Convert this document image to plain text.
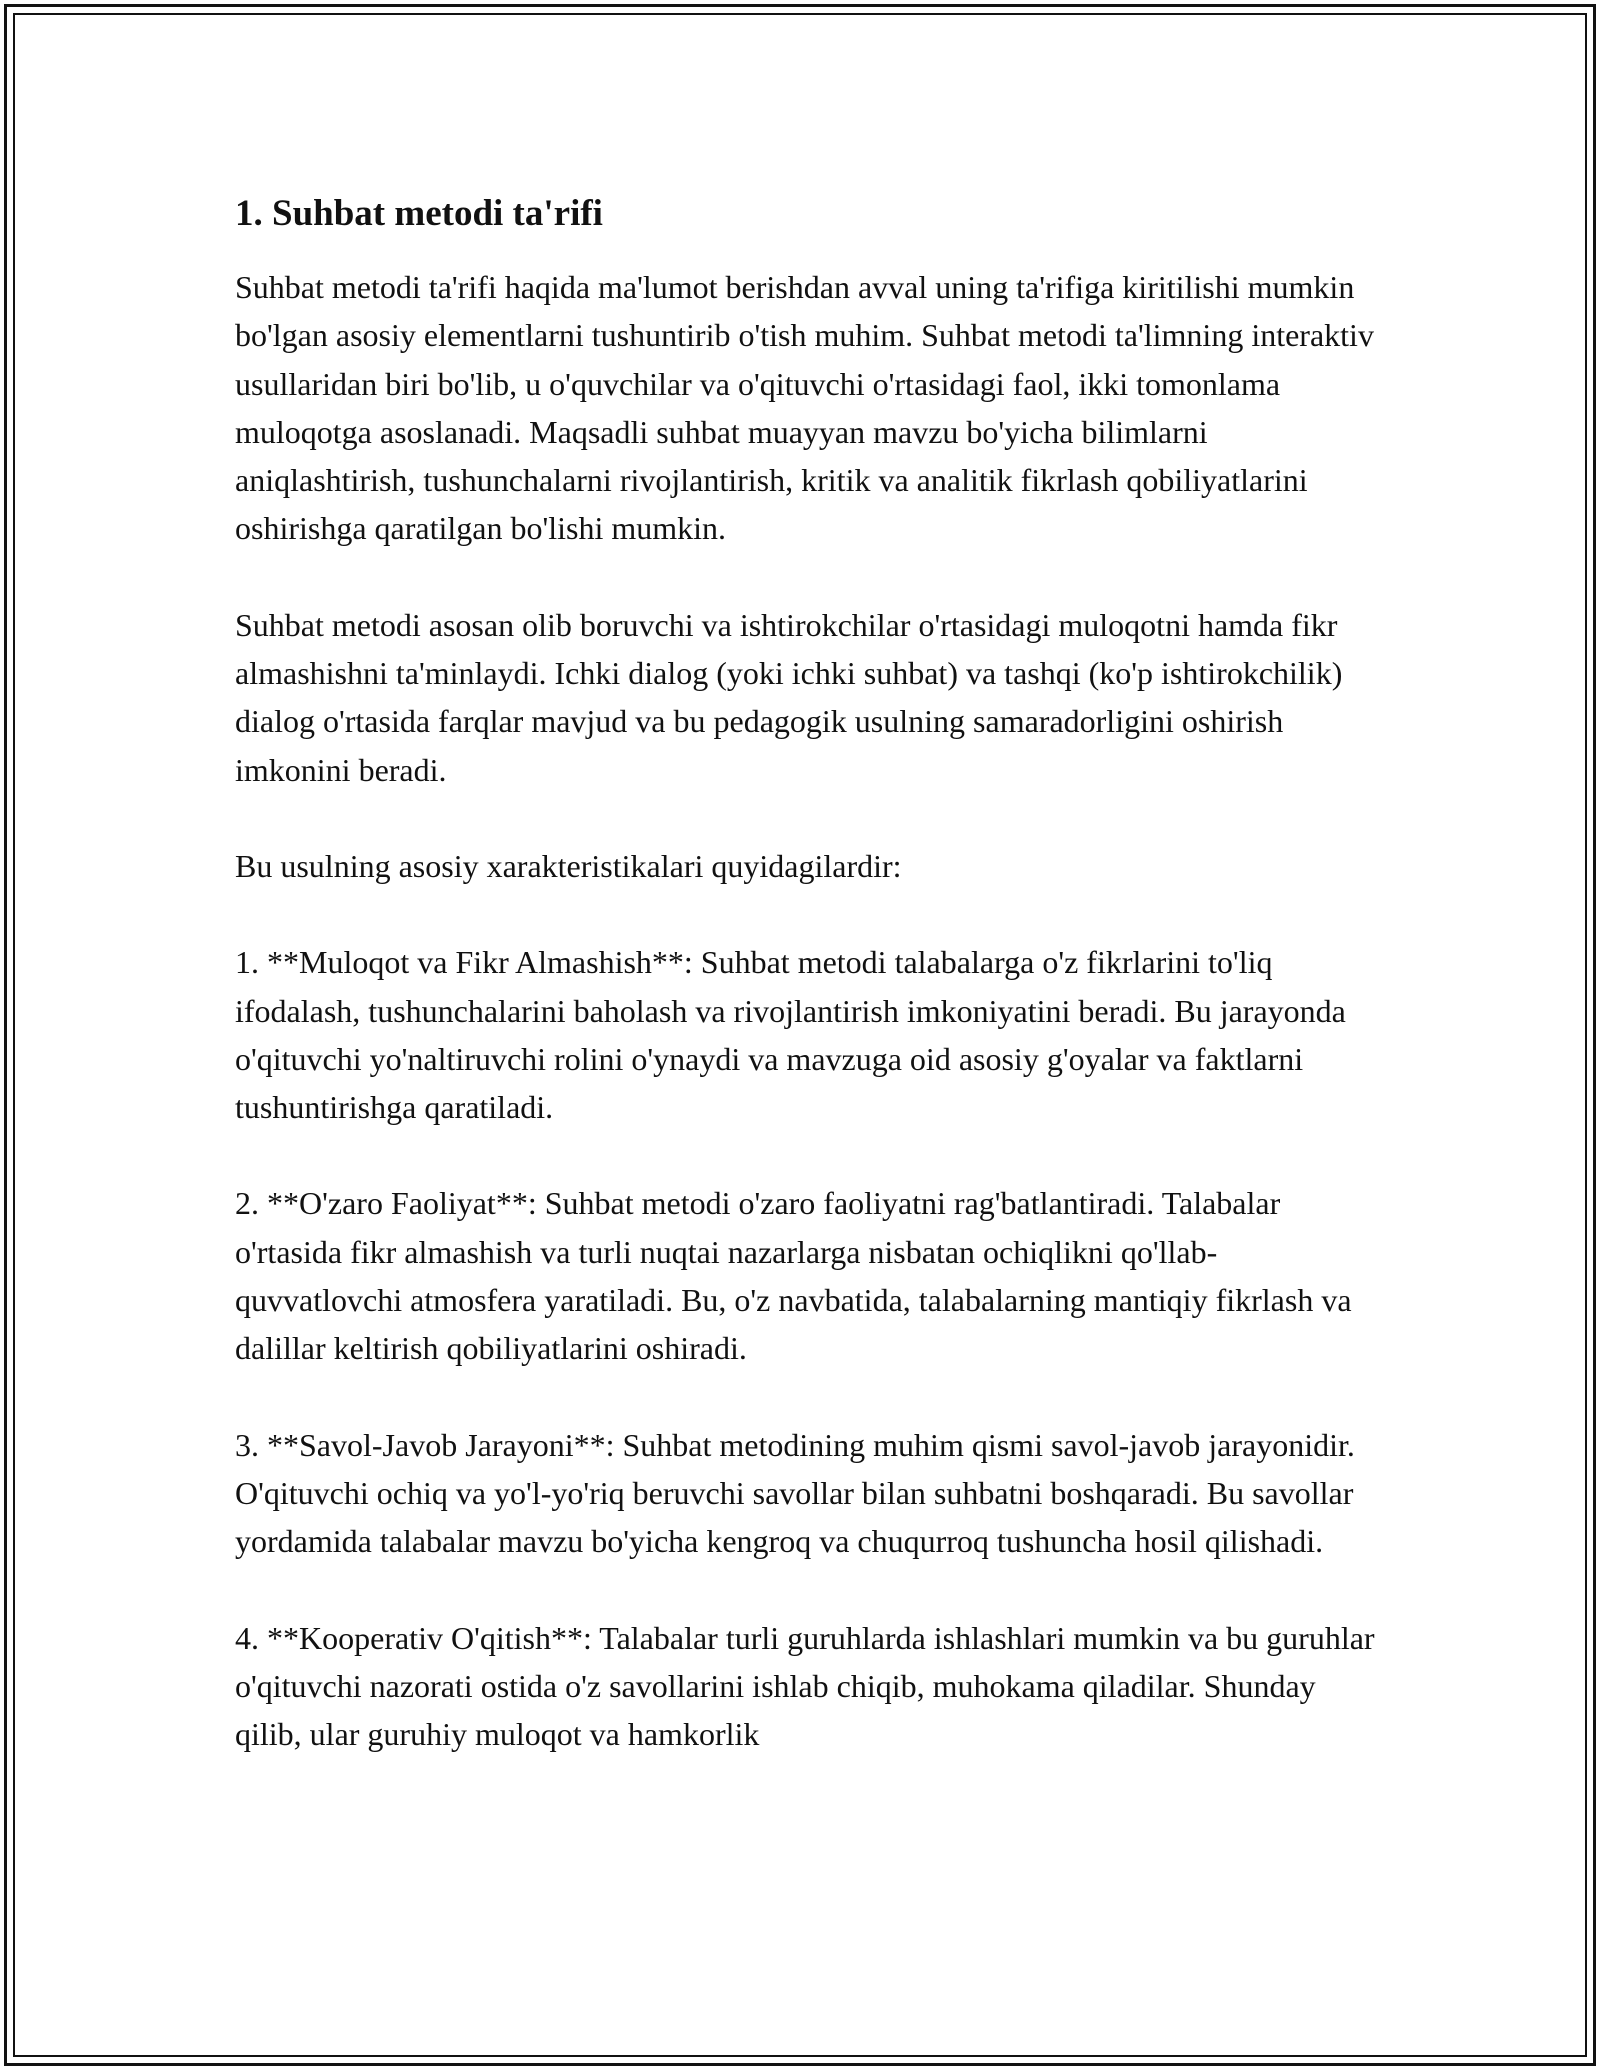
1. Suhbat metodi ta'rifi

Suhbat metodi ta'rifi haqida ma'lumot berishdan avval uning ta'rifiga kiritilishi mumkin bo'lgan asosiy elementlarni tushuntirib o'tish muhim. Suhbat metodi ta'limning interaktiv usullaridan biri bo'lib, u o'quvchilar va o'qituvchi o'rtasidagi faol, ikki tomonlama muloqotga asoslanadi. Maqsadli suhbat muayyan mavzu bo'yicha bilimlarni aniqlashtirish, tushunchalarni rivojlantirish, kritik va analitik fikrlash qobiliyatlarini oshirishga qaratilgan bo'lishi mumkin.

Suhbat metodi asosan olib boruvchi va ishtirokchilar o'rtasidagi muloqotni hamda fikr almashishni ta'minlaydi. Ichki dialog (yoki ichki suhbat) va tashqi (ko'p ishtirokchilik) dialog o'rtasida farqlar mavjud va bu pedagogik usulning samaradorligini oshirish imkonini beradi.

Bu usulning asosiy xarakteristikalari quyidagilardir:

1. **Muloqot va Fikr Almashish**: Suhbat metodi talabalarga o'z fikrlarini to'liq ifodalash, tushunchalarini baholash va rivojlantirish imkoniyatini beradi. Bu jarayonda o'qituvchi yo'naltiruvchi rolini o'ynaydi va mavzuga oid asosiy g'oyalar va faktlarni tushuntirishga qaratiladi.

2. **O'zaro Faoliyat**: Suhbat metodi o'zaro faoliyatni rag'batlantiradi. Talabalar o'rtasida fikr almashish va turli nuqtai nazarlarga nisbatan ochiqlikni qo'llab-quvvatlovchi atmosfera yaratiladi. Bu, o'z navbatida, talabalarning mantiqiy fikrlash va dalillar keltirish qobiliyatlarini oshiradi.

3. **Savol-Javob Jarayoni**: Suhbat metodining muhim qismi savol-javob jarayonidir. O'qituvchi ochiq va yo'l-yo'riq beruvchi savollar bilan suhbatni boshqaradi. Bu savollar yordamida talabalar mavzu bo'yicha kengroq va chuqurroq tushuncha hosil qilishadi.

4. **Kooperativ O'qitish**: Talabalar turli guruhlarda ishlashlari mumkin va bu guruhlar o'qituvchi nazorati ostida o'z savollarini ishlab chiqib, muhokama qiladilar. Shunday qilib, ular guruhiy muloqot va hamkorlik
